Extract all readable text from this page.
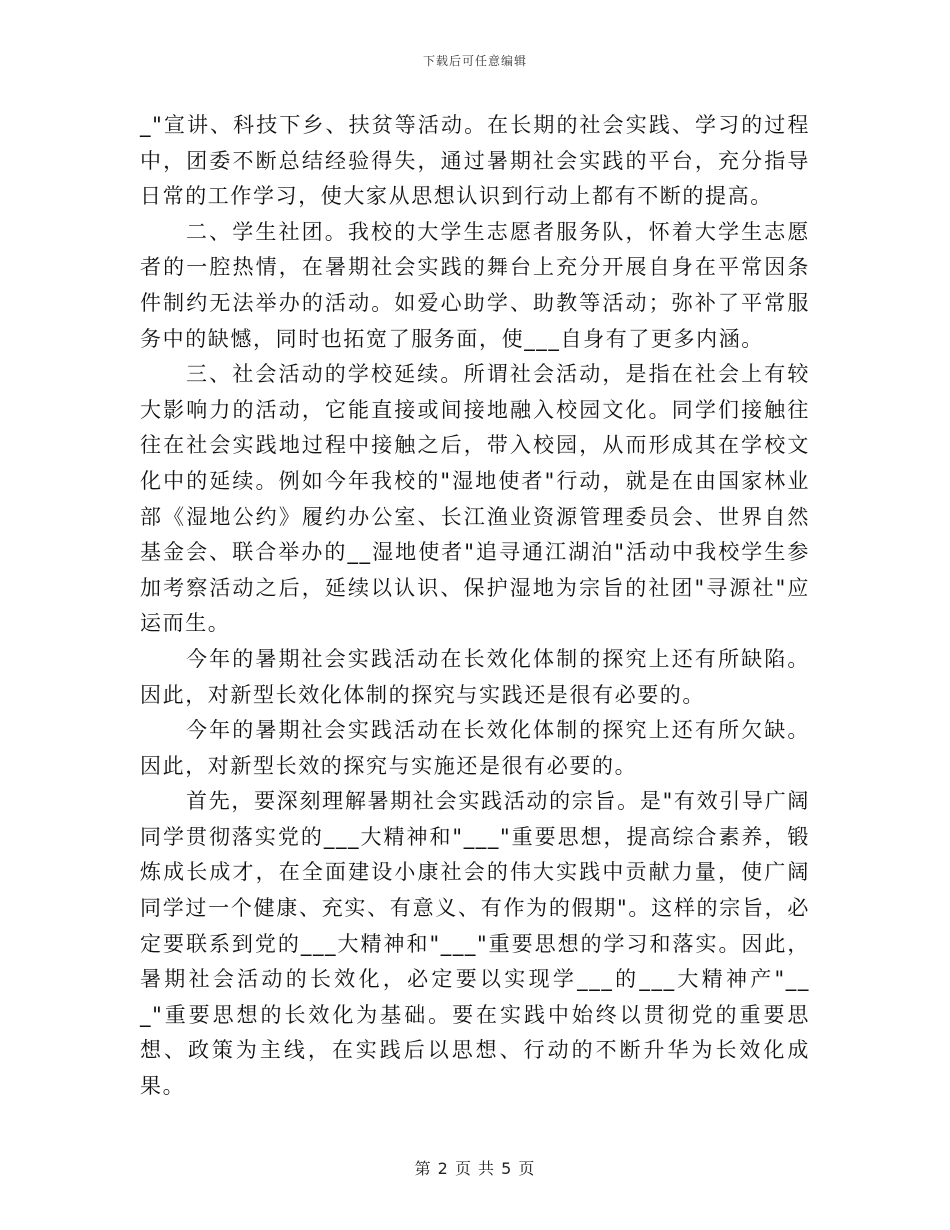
下载后可任意编辑

_"宣讲、科技下乡、扶贫等活动。在长期的社会实践、学习的过程中，团委不断总结经验得失，通过暑期社会实践的平台，充分指导日常的工作学习，使大家从思想认识到行动上都有不断的提高。

二、学生社团。我校的大学生志愿者服务队，怀着大学生志愿者的一腔热情，在暑期社会实践的舞台上充分开展自身在平常因条件制约无法举办的活动。如爱心助学、助教等活动；弥补了平常服务中的缺憾，同时也拓宽了服务面，使___自身有了更多内涵。

三、社会活动的学校延续。所谓社会活动，是指在社会上有较大影响力的活动，它能直接或间接地融入校园文化。同学们接触往往在社会实践地过程中接触之后，带入校园，从而形成其在学校文化中的延续。例如今年我校的"湿地使者"行动，就是在由国家林业部《湿地公约》履约办公室、长江渔业资源管理委员会、世界自然基金会、联合举办的__湿地使者"追寻通江湖泊"活动中我校学生参加考察活动之后，延续以认识、保护湿地为宗旨的社团"寻源社"应运而生。

今年的暑期社会实践活动在长效化体制的探究上还有所缺陷。因此，对新型长效化体制的探究与实践还是很有必要的。

今年的暑期社会实践活动在长效化体制的探究上还有所欠缺。因此，对新型长效的探究与实施还是很有必要的。

首先，要深刻理解暑期社会实践活动的宗旨。是"有效引导广阔同学贯彻落实党的___大精神和"___"重要思想，提高综合素养，锻炼成长成才，在全面建设小康社会的伟大实践中贡献力量，使广阔同学过一个健康、充实、有意义、有作为的假期"。这样的宗旨，必定要联系到党的___大精神和"___"重要思想的学习和落实。因此，暑期社会活动的长效化，必定要以实现学___的___大精神产"___"重要思想的长效化为基础。要在实践中始终以贯彻党的重要思想、政策为主线，在实践后以思想、行动的不断升华为长效化成果。

第 2 页 共 5 页
